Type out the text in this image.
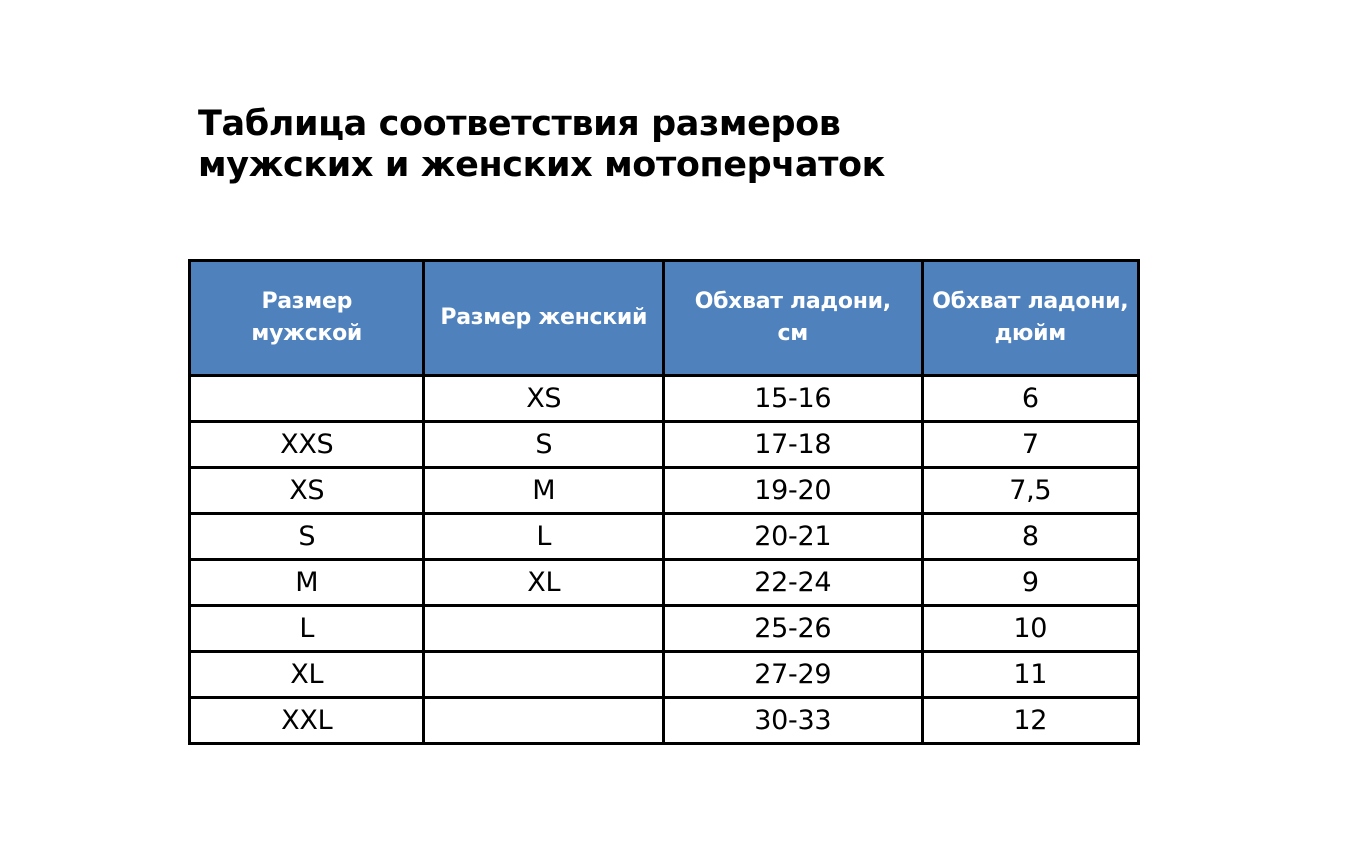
Таблица соответствия размеров
мужских и женских мотоперчаток
Размер мужской	Размер женский	Обхват ладони, см	Обхват ладони, дюйм
	XS	15-16	6
XXS	S	17-18	7
XS	M	19-20	7,5
S	L	20-21	8
M	XL	22-24	9
L		25-26	10
XL		27-29	11
XXL		30-33	12
